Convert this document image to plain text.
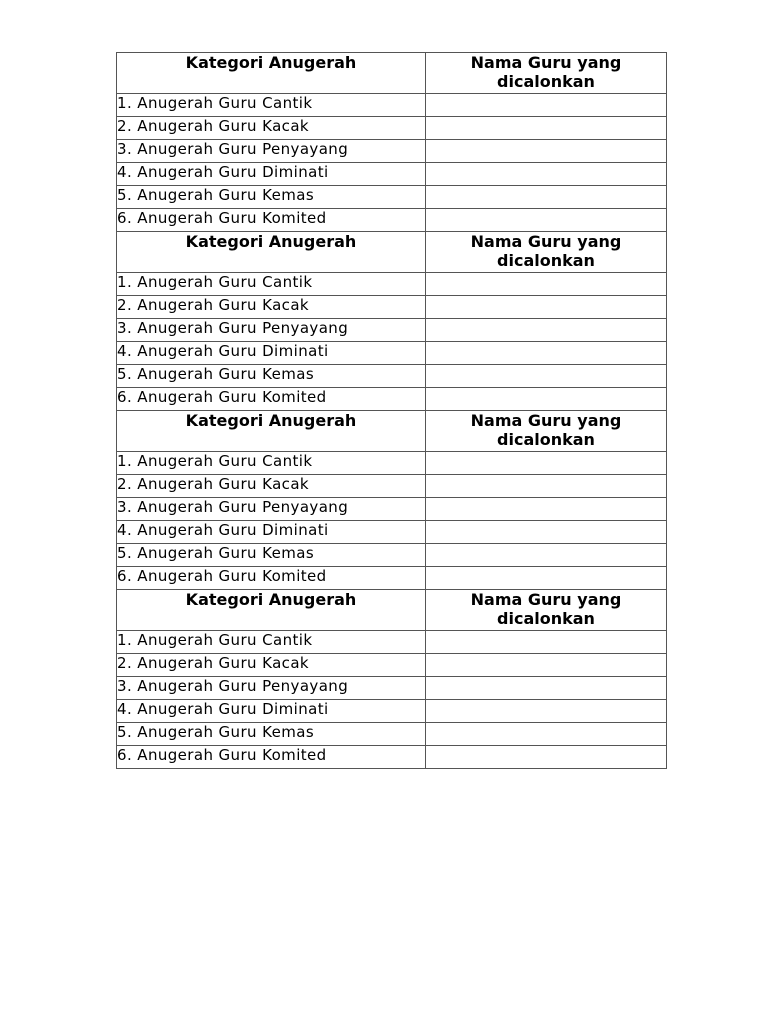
Kategori Anugerah	Nama Guru yang
dicalonkan

1. Anugerah Guru Cantik	
2. Anugerah Guru Kacak	
3. Anugerah Guru Penyayang	
4. Anugerah Guru Diminati	
5. Anugerah Guru Kemas	
6. Anugerah Guru Komited	
Kategori Anugerah	Nama Guru yang
dicalonkan

1. Anugerah Guru Cantik	
2. Anugerah Guru Kacak	
3. Anugerah Guru Penyayang	
4. Anugerah Guru Diminati	
5. Anugerah Guru Kemas	
6. Anugerah Guru Komited	
Kategori Anugerah	Nama Guru yang
dicalonkan

1. Anugerah Guru Cantik	
2. Anugerah Guru Kacak	
3. Anugerah Guru Penyayang	
4. Anugerah Guru Diminati	
5. Anugerah Guru Kemas	
6. Anugerah Guru Komited	
Kategori Anugerah	Nama Guru yang
dicalonkan

1. Anugerah Guru Cantik	
2. Anugerah Guru Kacak	
3. Anugerah Guru Penyayang	
4. Anugerah Guru Diminati	
5. Anugerah Guru Kemas	
6. Anugerah Guru Komited	
